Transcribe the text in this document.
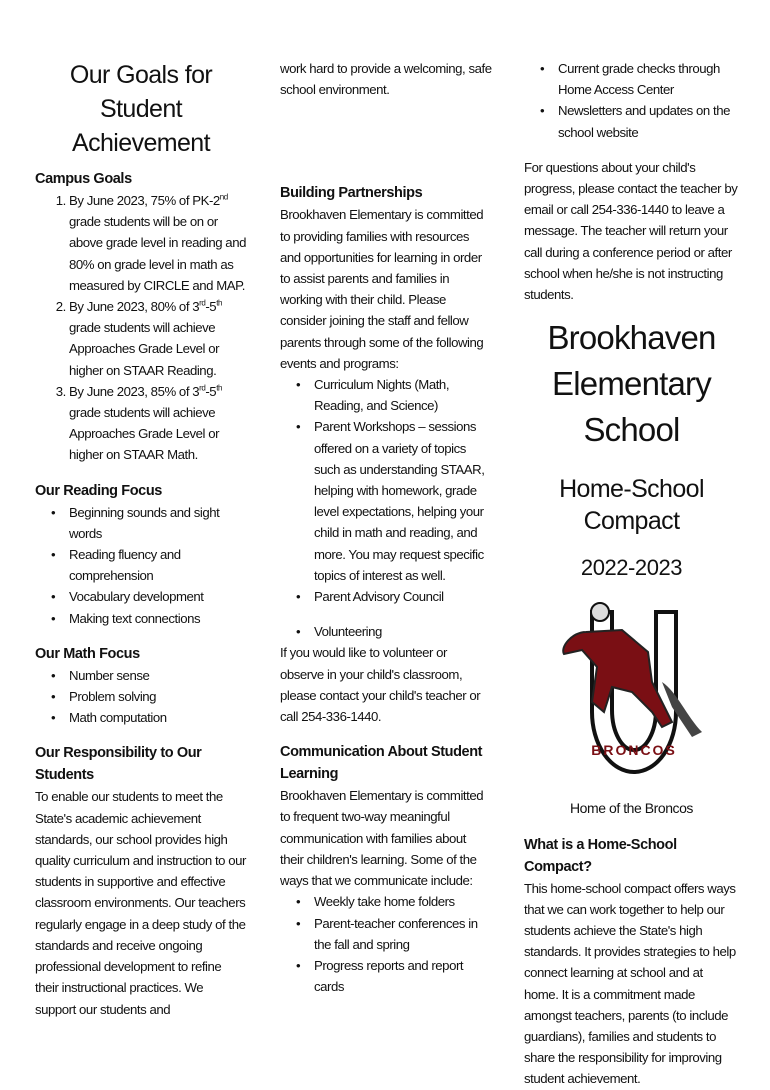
Our Goals for Student Achievement
Campus Goals
1. By June 2023, 75% of PK-2nd grade students will be on or above grade level in reading and 80% on grade level in math as measured by CIRCLE and MAP.
2. By June 2023, 80% of 3rd-5th grade students will achieve Approaches Grade Level or higher on STAAR Reading.
3. By June 2023, 85% of 3rd-5th grade students will achieve Approaches Grade Level or higher on STAAR Math.
Our Reading Focus
• Beginning sounds and sight words
• Reading fluency and comprehension
• Vocabulary development
• Making text connections
Our Math Focus
• Number sense
• Problem solving
• Math computation
Our Responsibility to Our Students

To enable our students to meet the State's academic achievement standards, our school provides high quality curriculum and instruction to our students in supportive and effective classroom environments. Our teachers regularly engage in a deep study of the standards and receive ongoing professional development to refine their instructional practices. We support our students and

work hard to provide a welcoming, safe school environment.

Building Partnerships

Brookhaven Elementary is committed to providing families with resources and opportunities for learning in order to assist parents and families in working with their child. Please consider joining the staff and fellow parents through some of the following events and programs:

• Curriculum Nights (Math, Reading, and Science)
• Parent Workshops – sessions offered on a variety of topics such as understanding STAAR, helping with homework, grade level expectations, helping your child in math and reading, and more. You may request specific topics of interest as well.
• Parent Advisory Council
• Volunteering

If you would like to volunteer or observe in your child's classroom, please contact your child's teacher or call 254-336-1440.

Communication About Student Learning

Brookhaven Elementary is committed to frequent two-way meaningful communication with families about their children's learning. Some of the ways that we communicate include:

• Weekly take home folders
• Parent-teacher conferences in the fall and spring
• Progress reports and report cards
• Current grade checks through Home Access Center
• Newsletters and updates on the school website

For questions about your child's progress, please contact the teacher by email or call 254-336-1440 to leave a message. The teacher will return your call during a conference period or after school when he/she is not instructing students.

Brookhaven Elementary School
Home-School Compact
2022-2023
BRONCOS
Home of the Broncos
What is a Home-School Compact?

This home-school compact offers ways that we can work together to help our students achieve the State's high standards. It provides strategies to help connect learning at school and at home. It is a commitment made amongst teachers, parents (to include guardians), families and students to share the responsibility for improving student achievement.
